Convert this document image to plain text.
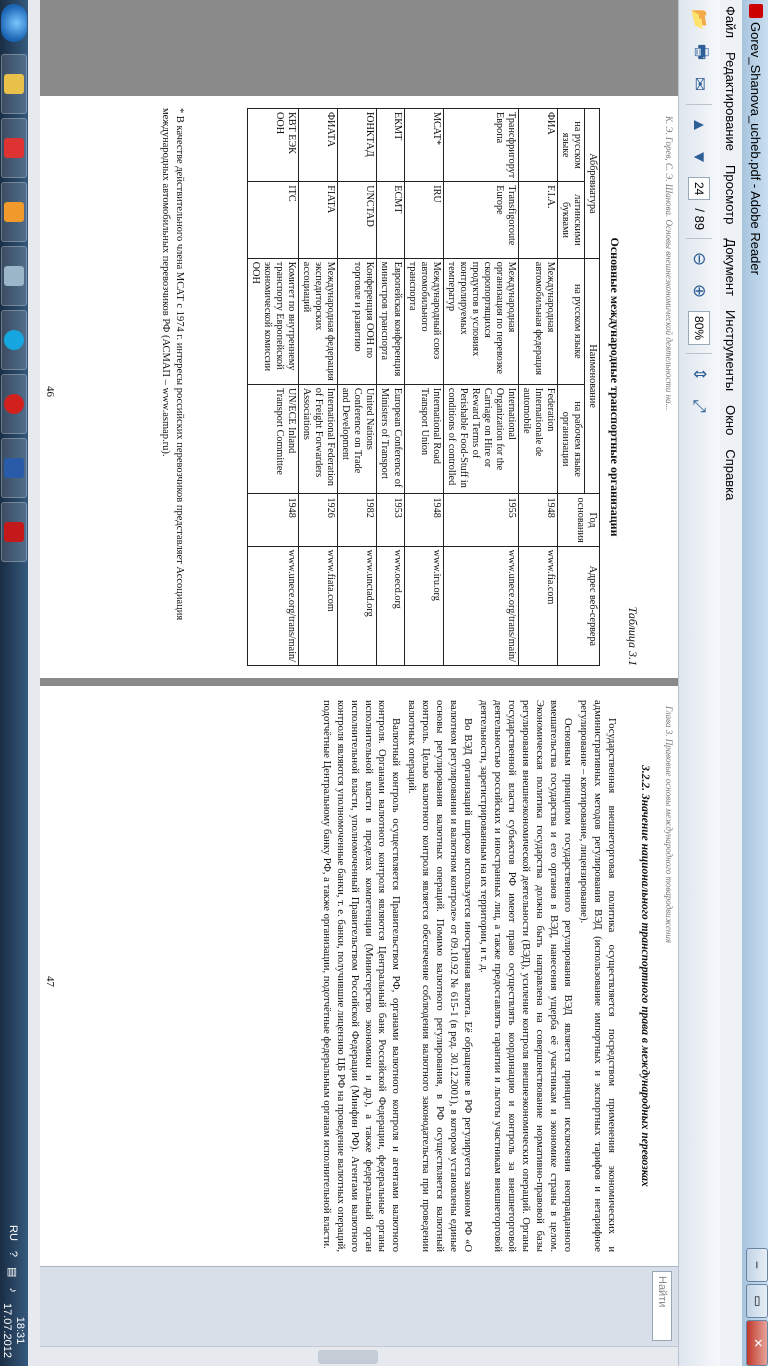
Gorev_Shanova_ucheb.pdf - Adobe Reader
–
▭
✕
Файл
Редактирование
Просмотр
Документ
Инструменты
Окно
Справка
📂
🖶
✉
▲
▼
24
/ 89
⊖
⊕
80%
⇕
⤢
К. Э. Горев, С. Э. Шанова. Основы внешнеэкономической деятельности на...
Таблица 3.1
Основные международные транспортные организации
Аббревиатура		Наименование		Год основания	Адрес веб-сервера
на русском языке	латинскими буквами	на русском языке	на рабочем языке организации		
ФИА	F.I.A.	Международная автомобильная федерация	Federation Internationale de automobile	1948	www.fia.com
Трансфригорут Европа	Transfigoroute Europe	Международная организация по перевозке скоропортящихся продуктов в условиях контролируемых температур	International Organization for the Carriage on Hire or Reward Terms of Perishable Food-Stuff in conditions of controlled	1955	www.unece.org/trans/main/
МСАТ*	IRU	Международный союз автомобильного транспорта	International Road Transport Union	1948	www.iru.org
ЕКМТ	ECMT	Европейская конференция министров транспорта	European Conference of Ministers of Transport	1953	www.oecd.org
ЮНКТАД	UNCTAD	Конференция ООН по торговле и развитию	United Nations Conference on Trade and Development	1982	www.unctad.org
ФИАТА	FIATA	Международная федерация экспедиторских ассоциаций	International Federation of Freight Forwarders Associations	1926	www.fiata.com
КВТ ЕЭК ООН	ITC	Комитет по внутреннему транспорту Европейской экономической комиссии ООН	UN/ECE Inland Transport Committee	1948	www.unece.org/trans/main/
* В качестве действительного члена МСАТ с 1974 г. интересы российских перевозчиков представляет Ассоциация международных автомобильных перевозчиков РФ (АСМАП – www.asmap.ru).
46
Глава 3. Правовые основы международного товародвижения
3.2.2. Значение национального транспортного права в международных перевозках

Государственная внешнеторговая политика осуществляется посредством применения экономических и административных методов регулирования ВЭД (использование импортных и экспортных тарифов и нетарифное регулирование – квотирование, лицензирование).

Основным принципом государственного регулирования ВЭД является принцип исключения неоправданного вмешательства государства и его органов в ВЭД, нанесения ущерба её участникам и экономике страны в целом. Экономическая политика государства должна быть направлена на совершенствование нормативно-правовой базы регулирования внешнеэкономической деятельности (ВЭД), усиление контроля внешнеэкономических операций. Органы государственной власти субъектов РФ имеют право осуществлять координацию и контроль за внешнеторговой деятельностью российских и иностранных лиц, а также предоставлять гарантии и льготы участникам внешнеторговой деятельности, зарегистрированным на их территории, и т. д.

Во ВЭД организаций широко используется иностранная валюта. Её обращение в РФ регулируется законом РФ «О валютном регулировании и валютном контроле» от 09.10.92 № 615-1 (в ред. 30.12.2001), в котором установлены единые основы регулирования валютных операций. Помимо валютного регулирования, в РФ осуществляется валютный контроль. Целью валютного контроля является обеспечение соблюдения валютного законодательства при проведении валютных операций.

Валютный контроль осуществляется Правительством РФ, органами валютного контроля и агентами валютного контроля. Органами валютного контроля являются Центральный банк Российской Федерации, федеральные органы исполнительной власти в пределах компетенции (Министерство экономики и др.), а также федеральный орган исполнительной власти, уполномоченный Правительством Российской Федерации (Минфин РФ). Агентами валютного контроля являются уполномоченные банки, т. е. банки, получившие лицензию ЦБ РФ на проведение валютных операций, подотчётные Центральному банку РФ, а также организации, подотчётные федеральным органам исполнительной власти.

47
Найти
RU
?
▤
♪
18:31
17.07.2012
